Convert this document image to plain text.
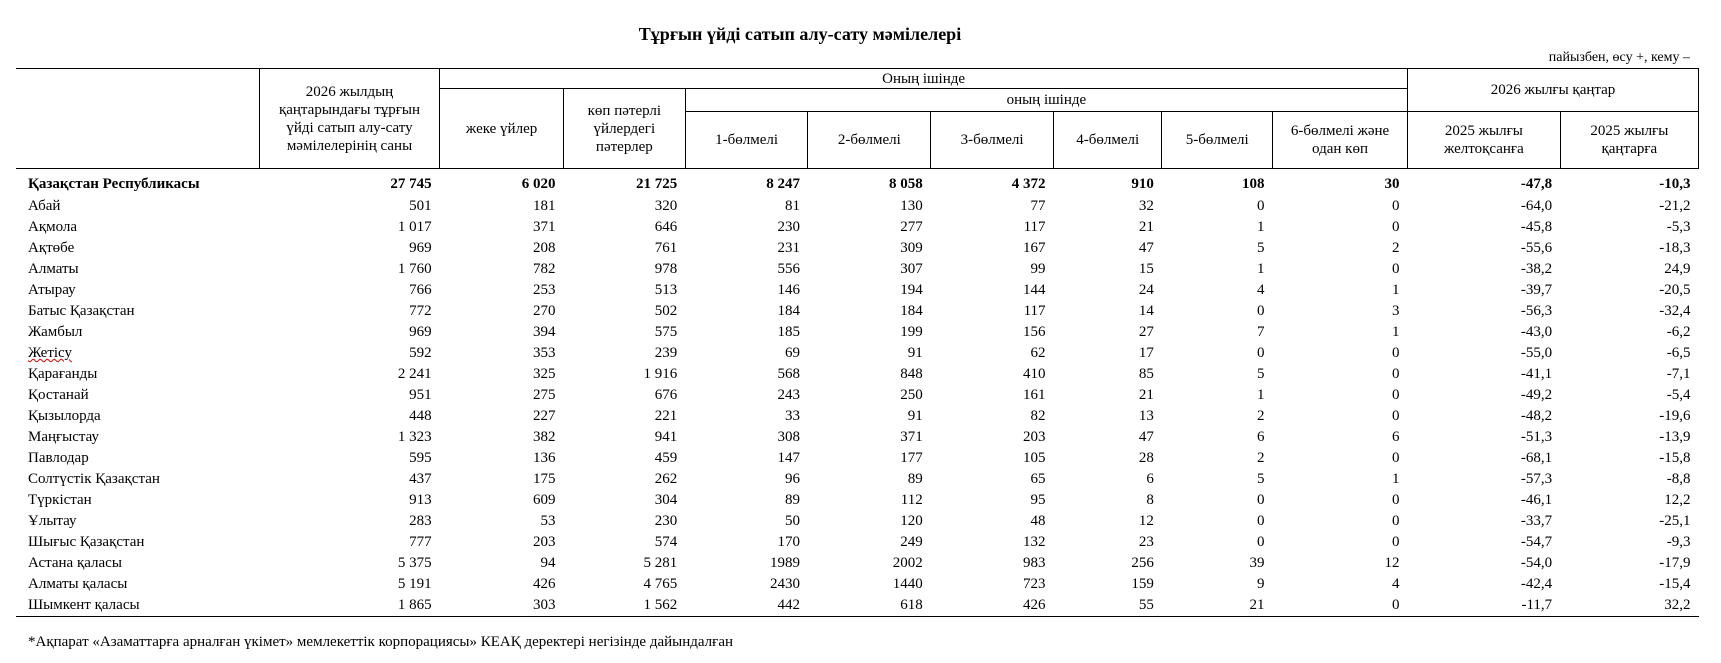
Тұрғын үйді сатып алу-сату мәмілелері
пайызбен, өсу +, кему –
	2026 жылдың қаңтарындағы тұрғын үйді сатып алу-сату мәмілелерінің саны	Оның ішінде								2026 жылғы қаңтар	
		жеке үйлер	көп пәтерлі үйлердегі пәтерлер	оның ішінде							
				1-бөлмелі	2-бөлмелі	3-бөлмелі	4-бөлмелі	5-бөлмелі	6-бөлмелі және одан көп	2025 жылғы желтоқсанға	2025 жылғы қаңтарға
Қазақстан Республикасы	27 745	6 020	21 725	8 247	8 058	4 372	910	108	30	-47,8	-10,3
Абай	501	181	320	81	130	77	32	0	0	-64,0	-21,2
Ақмола	1 017	371	646	230	277	117	21	1	0	-45,8	-5,3
Ақтөбе	969	208	761	231	309	167	47	5	2	-55,6	-18,3
Алматы	1 760	782	978	556	307	99	15	1	0	-38,2	24,9
Атырау	766	253	513	146	194	144	24	4	1	-39,7	-20,5
Батыс Қазақстан	772	270	502	184	184	117	14	0	3	-56,3	-32,4
Жамбыл	969	394	575	185	199	156	27	7	1	-43,0	-6,2
Жетісу	592	353	239	69	91	62	17	0	0	-55,0	-6,5
Қарағанды	2 241	325	1 916	568	848	410	85	5	0	-41,1	-7,1
Қостанай	951	275	676	243	250	161	21	1	0	-49,2	-5,4
Қызылорда	448	227	221	33	91	82	13	2	0	-48,2	-19,6
Маңғыстау	1 323	382	941	308	371	203	47	6	6	-51,3	-13,9
Павлодар	595	136	459	147	177	105	28	2	0	-68,1	-15,8
Солтүстік Қазақстан	437	175	262	96	89	65	6	5	1	-57,3	-8,8
Түркістан	913	609	304	89	112	95	8	0	0	-46,1	12,2
Ұлытау	283	53	230	50	120	48	12	0	0	-33,7	-25,1
Шығыс Қазақстан	777	203	574	170	249	132	23	0	0	-54,7	-9,3
Астана қаласы	5 375	94	5 281	1989	2002	983	256	39	12	-54,0	-17,9
Алматы қаласы	5 191	426	4 765	2430	1440	723	159	9	4	-42,4	-15,4
Шымкент қаласы	1 865	303	1 562	442	618	426	55	21	0	-11,7	32,2
*Ақпарат «Азаматтарға арналған үкімет» мемлекеттік корпорациясы» КЕАҚ деректері негізінде дайындалған
